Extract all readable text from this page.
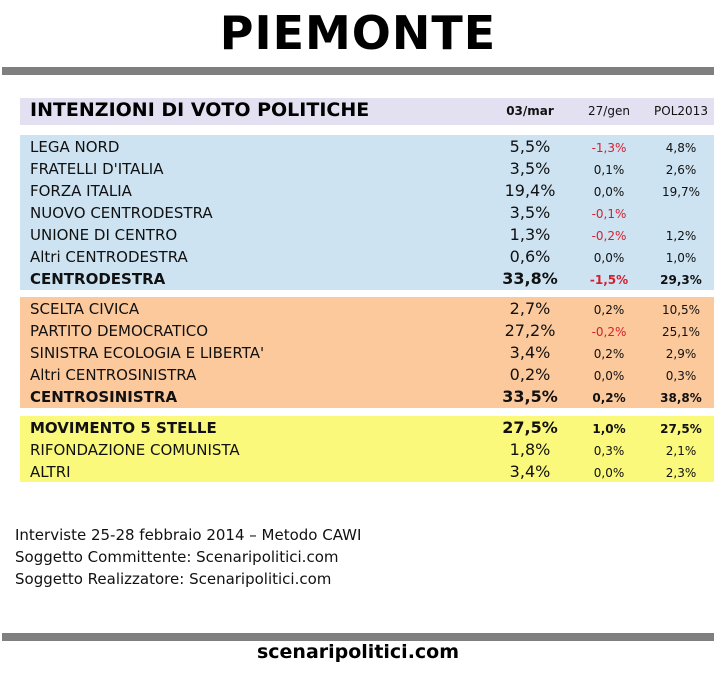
PIEMONTE
INTENZIONI DI VOTO POLITICHE	03/mar	27/gen	POL2013
LEGA NORD	5,5%	-1,3%	4,8%
FRATELLI D'ITALIA	3,5%	0,1%	2,6%
FORZA ITALIA	19,4%	0,0%	19,7%
NUOVO CENTRODESTRA	3,5%	-0,1%
UNIONE DI CENTRO	1,3%	-0,2%	1,2%
Altri CENTRODESTRA	0,6%	0,0%	1,0%
CENTRODESTRA	33,8%	-1,5%	29,3%
SCELTA CIVICA	2,7%	0,2%	10,5%
PARTITO DEMOCRATICO	27,2%	-0,2%	25,1%
SINISTRA ECOLOGIA E LIBERTA'	3,4%	0,2%	2,9%
Altri CENTROSINISTRA	0,2%	0,0%	0,3%
CENTROSINISTRA	33,5%	0,2%	38,8%
MOVIMENTO 5 STELLE	27,5%	1,0%	27,5%
RIFONDAZIONE COMUNISTA	1,8%	0,3%	2,1%
ALTRI	3,4%	0,0%	2,3%
Interviste 25-28 febbraio 2014 – Metodo CAWI
Soggetto Committente: Scenaripolitici.com
Soggetto Realizzatore: Scenaripolitici.com
scenaripolitici.com
